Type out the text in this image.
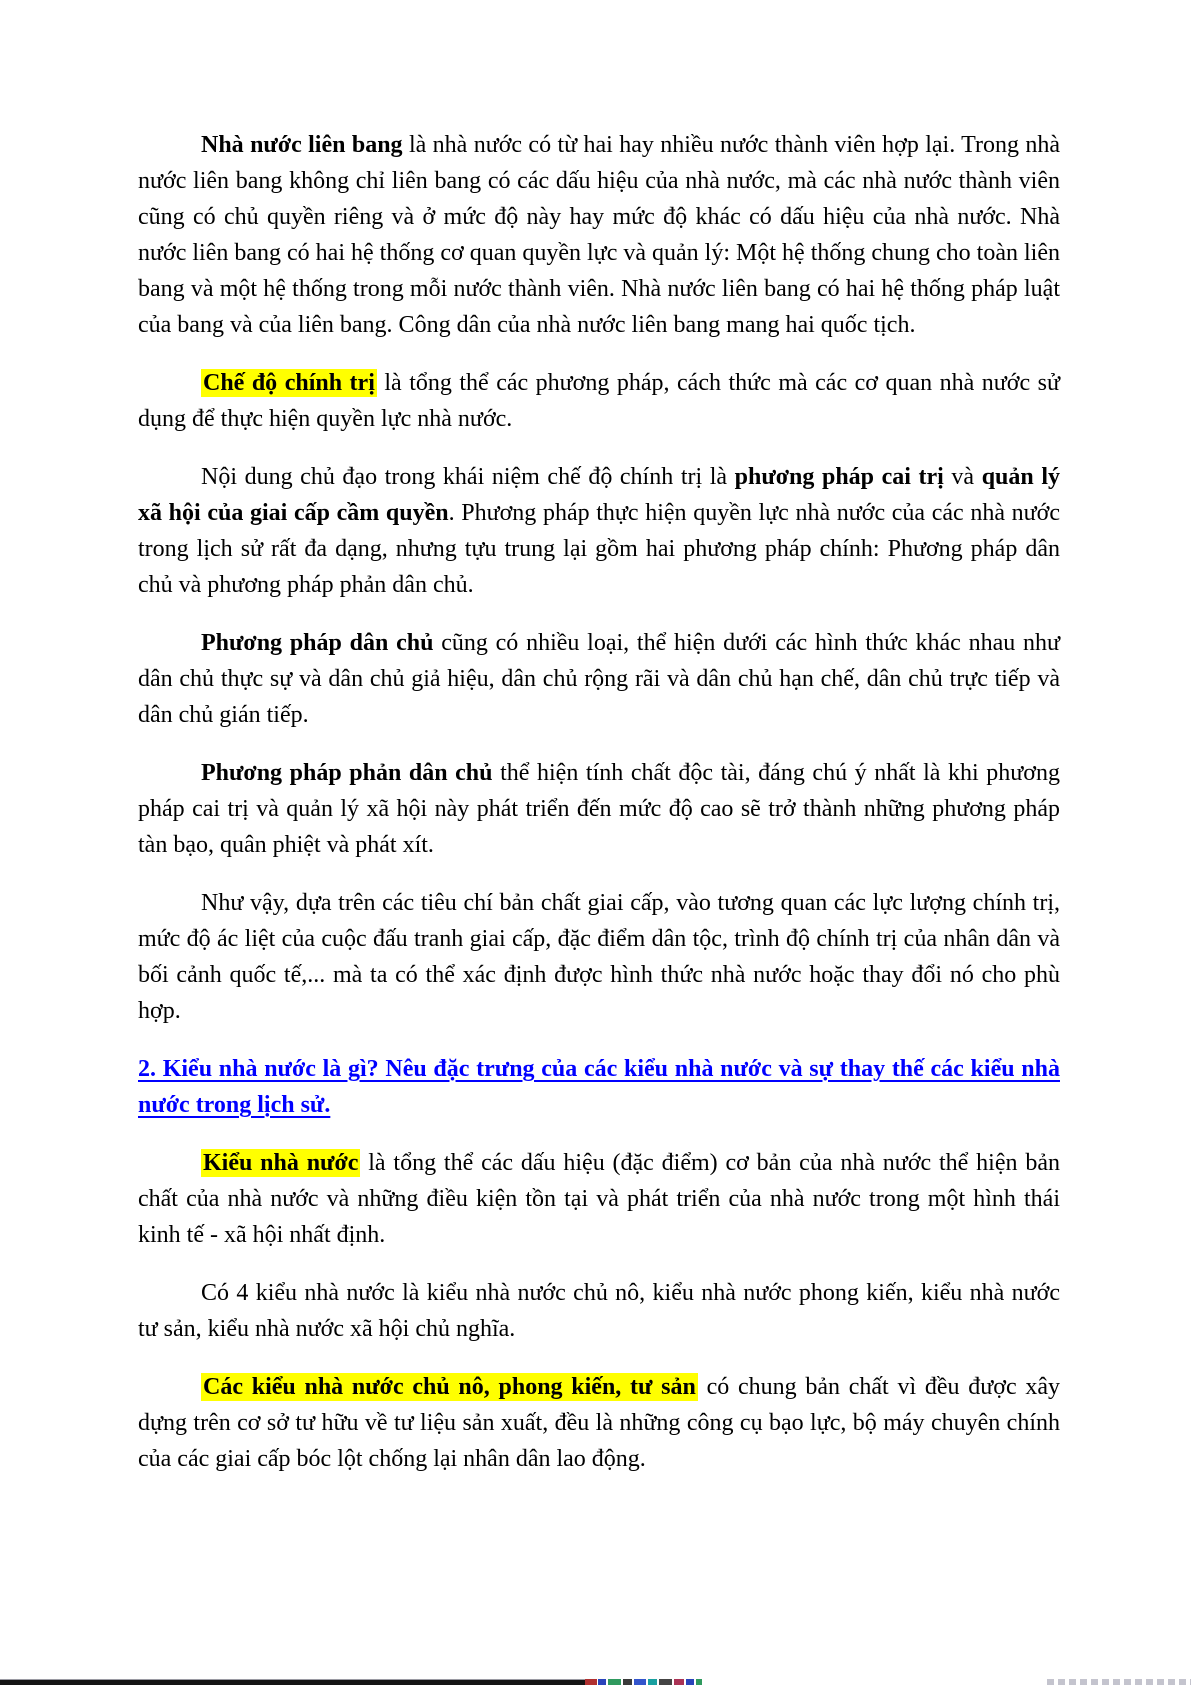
Nhà nước liên bang là nhà nước có từ hai hay nhiều nước thành viên hợp lại. Trong nhà nước liên bang không chỉ liên bang có các dấu hiệu của nhà nước, mà các nhà nước thành viên cũng có chủ quyền riêng và ở mức độ này hay mức độ khác có dấu hiệu của nhà nước. Nhà nước liên bang có hai hệ thống cơ quan quyền lực và quản lý: Một hệ thống chung cho toàn liên bang và một hệ thống trong mỗi nước thành viên. Nhà nước liên bang có hai hệ thống pháp luật của bang và của liên bang. Công dân của nhà nước liên bang mang hai quốc tịch.

Chế độ chính trị là tổng thể các phương pháp, cách thức mà các cơ quan nhà nước sử dụng để thực hiện quyền lực nhà nước.

Nội dung chủ đạo trong khái niệm chế độ chính trị là phương pháp cai trị và quản lý xã hội của giai cấp cầm quyền. Phương pháp thực hiện quyền lực nhà nước của các nhà nước trong lịch sử rất đa dạng, nhưng tựu trung lại gồm hai phương pháp chính: Phương pháp dân chủ và phương pháp phản dân chủ.

Phương pháp dân chủ cũng có nhiều loại, thể hiện dưới các hình thức khác nhau như dân chủ thực sự và dân chủ giả hiệu, dân chủ rộng rãi và dân chủ hạn chế, dân chủ trực tiếp và dân chủ gián tiếp.

Phương pháp phản dân chủ thể hiện tính chất độc tài, đáng chú ý nhất là khi phương pháp cai trị và quản lý xã hội này phát triển đến mức độ cao sẽ trở thành những phương pháp tàn bạo, quân phiệt và phát xít.

Như vậy, dựa trên các tiêu chí bản chất giai cấp, vào tương quan các lực lượng chính trị, mức độ ác liệt của cuộc đấu tranh giai cấp, đặc điểm dân tộc, trình độ chính trị của nhân dân và bối cảnh quốc tế,... mà ta có thể xác định được hình thức nhà nước hoặc thay đổi nó cho phù hợp.

2. Kiểu nhà nước là gì? Nêu đặc trưng của các kiểu nhà nước và sự thay thế các kiểu nhà nước trong lịch sử.

Kiểu nhà nước là tổng thể các dấu hiệu (đặc điểm) cơ bản của nhà nước thể hiện bản chất của nhà nước và những điều kiện tồn tại và phát triển của nhà nước trong một hình thái kinh tế - xã hội nhất định.

Có 4 kiểu nhà nước là kiểu nhà nước chủ nô, kiểu nhà nước phong kiến, kiểu nhà nước tư sản, kiểu nhà nước xã hội chủ nghĩa.

Các kiểu nhà nước chủ nô, phong kiến, tư sản có chung bản chất vì đều được xây dựng trên cơ sở tư hữu về tư liệu sản xuất, đều là những công cụ bạo lực, bộ máy chuyên chính của các giai cấp bóc lột chống lại nhân dân lao động.
